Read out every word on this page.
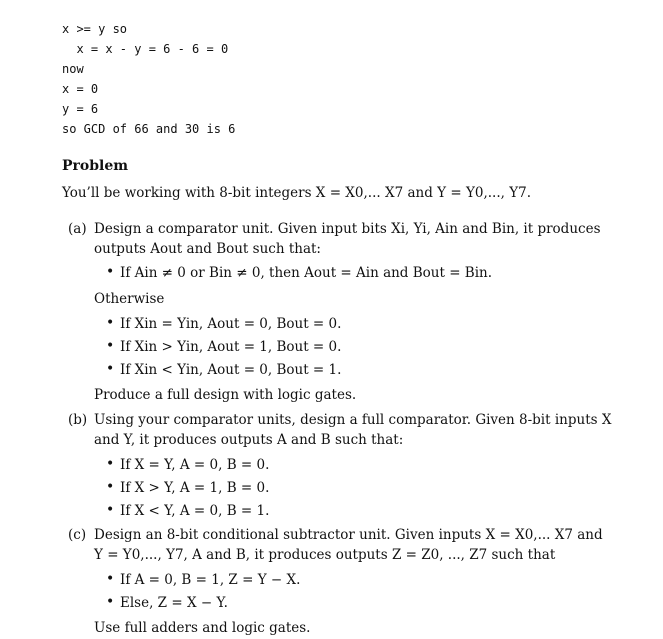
x >= y so
x = x - y = 6 - 6 = 0
now
x = 0
y = 6
so GCD of 66 and 30 is 6
Problem
You’ll be working with 8-bit integers X = X0,... X7 and Y = Y0,..., Y7.
(a) Design a comparator unit. Given input bits Xi, Yi, Ain and Bin, it produces
outputs Aout and Bout such that:
• If Ain ≠ 0 or Bin ≠ 0, then Aout = Ain and Bout = Bin.
Otherwise
• If Xin = Yin, Aout = 0, Bout = 0.
• If Xin > Yin, Aout = 1, Bout = 0.
• If Xin < Yin, Aout = 0, Bout = 1.
Produce a full design with logic gates.
(b) Using your comparator units, design a full comparator. Given 8-bit inputs X
and Y, it produces outputs A and B such that:
• If X = Y, A = 0, B = 0.
• If X > Y, A = 1, B = 0.
• If X < Y, A = 0, B = 1.
(c) Design an 8-bit conditional subtractor unit. Given inputs X = X0,... X7 and
Y = Y0,..., Y7, A and B, it produces outputs Z = Z0, ..., Z7 such that
• If A = 0, B = 1, Z = Y − X.
• Else, Z = X − Y.
Use full adders and logic gates.
